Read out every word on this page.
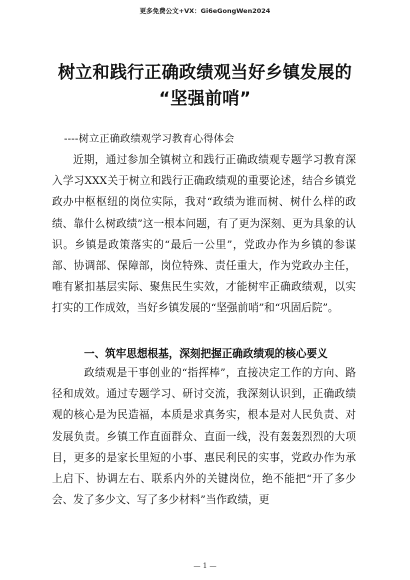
更多免费公文+VX：Gi6eGongWen2024
树立和践行正确政绩观当好乡镇发展的
“坚强前哨”
----树立正确政绩观学习教育心得体会

近期，通过参加全镇树立和践行正确政绩观专题学习教育深入学习XXX关于树立和践行正确政绩观的重要论述，结合乡镇党政办中枢枢纽的岗位实际，我对“政绩为谁而树、树什么样的政绩、靠什么树政绩”这一根本问题，有了更为深刻、更为具象的认识。乡镇是政策落实的“最后一公里”，党政办作为乡镇的参谋部、协调部、保障部，岗位特殊、责任重大，作为党政办主任，唯有紧扣基层实际、聚焦民生实效，才能树牢正确政绩观，以实打实的工作成效，当好乡镇发展的“坚强前哨”和“巩固后院”。

一、筑牢思想根基，深刻把握正确政绩观的核心要义

政绩观是干事创业的“指挥棒”，直接决定工作的方向、路径和成效。通过专题学习、研讨交流，我深刻认识到，正确政绩观的核心是为民造福，本质是求真务实，根本是对人民负责、对发展负责。乡镇工作直面群众、直面一线，没有轰轰烈烈的大项目，更多的是家长里短的小事、惠民利民的实事，党政办作为承上启下、协调左右、联系内外的关键岗位，绝不能把“开了多少会、发了多少文、写了多少材料”当作政绩，更

— 1 —
